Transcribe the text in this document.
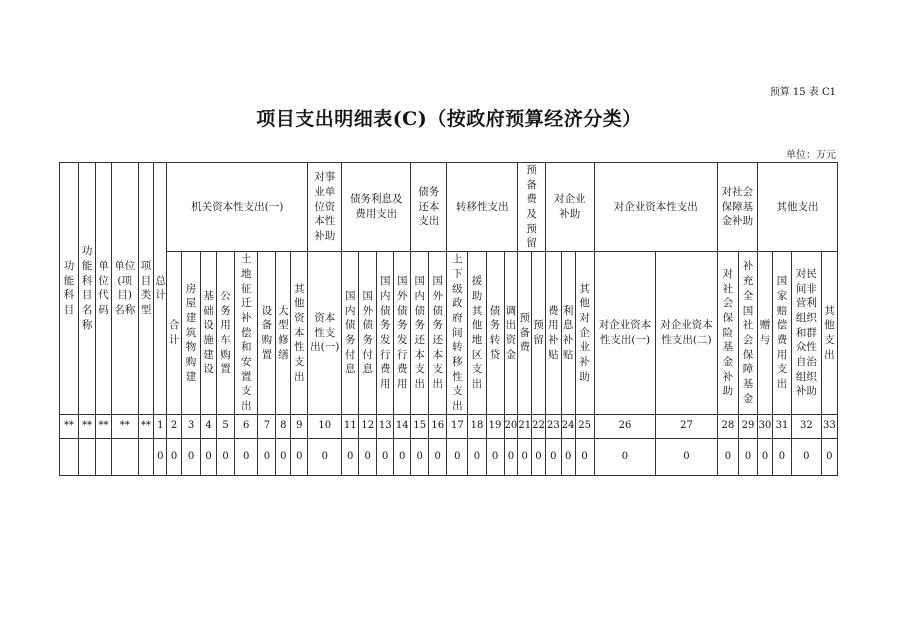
预算 15 表 C1
项目支出明细表(C)（按政府预算经济分类）
单位：万元
功能科目	功能科目名称	单位代码	单位(项目)名称	项目类型	总计	机关资本性支出(一)								对事业单位资本性补助	债务利息及费用支出				债务还本支出		转移性支出				预备费及预留		对企业补助			对企业资本性支出		对社会保障基金补助		其他支出			
						合计	房屋建筑物购建	基础设施建设	公务用车购置	土地征迁补偿和安置支出	设备购置	大型修缮	其他资本性支出	资本性支出(一)	国内债务付息	国外债务付息	国内债务发行费用	国外债务发行费用	国内债务还本支出	国外债务还本支出	上下级政府间转移性支出	援助其他地区支出	债务转贷	调出资金	预备费	预留	费用补贴	利息补贴	其他对企业补助	对企业资本性支出(一)	对企业资本性支出(二)	对社会保险基金补助	补充全国社会保障基金	赠与	国家赔偿费用支出	对民间非营利组织和群众性自治组织补助	其他支出
**	**	**	**	**	1	2	3	4	5	6	7	8	9	10	11	12	13	14	15	16	17	18	19	20	21	22	23	24	25	26	27	28	29	30	31	32	33
					0	0	0	0	0	0	0	0	0	0	0	0	0	0	0	0	0	0	0	0	0	0	0	0	0	0	0	0	0	0	0	0	0
